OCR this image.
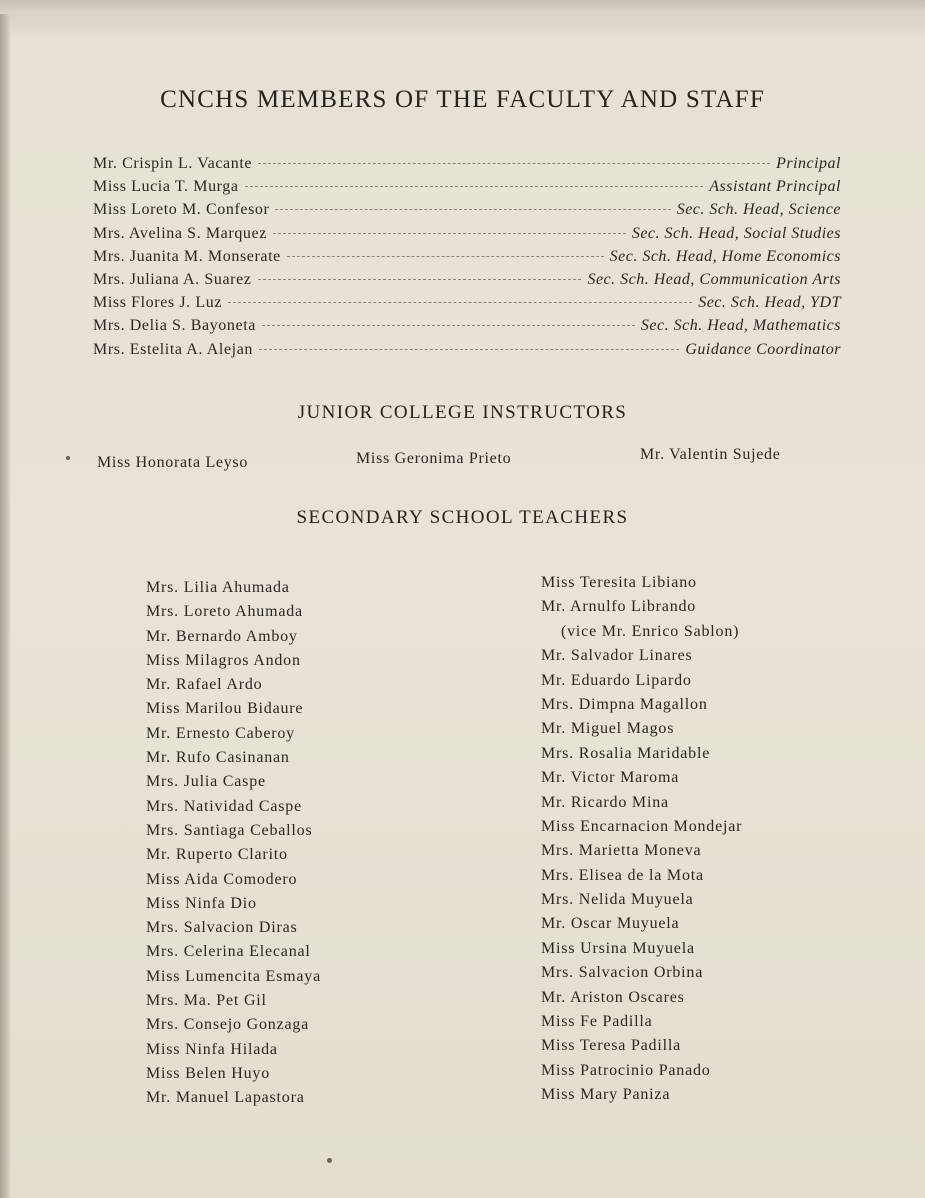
CNCHS MEMBERS OF THE FACULTY AND STAFF
Mr. Crispin L. Vacante	Principal
Miss Lucia T. Murga	Assistant Principal
Miss Loreto M. Confesor	Sec. Sch. Head, Science
Mrs. Avelina S. Marquez	Sec. Sch. Head, Social Studies
Mrs. Juanita M. Monserate	Sec. Sch. Head, Home Economics
Mrs. Juliana A. Suarez	Sec. Sch. Head, Communication Arts
Miss Flores J. Luz	Sec. Sch. Head, YDT
Mrs. Delia S. Bayoneta	Sec. Sch. Head, Mathematics
Mrs. Estelita A. Alejan	Guidance Coordinator
JUNIOR COLLEGE INSTRUCTORS
Miss Honorata Leyso	Miss Geronima Prieto	Mr. Valentin Sujede
SECONDARY SCHOOL TEACHERS
Mrs. Lilia Ahumada
Mrs. Loreto Ahumada
Mr. Bernardo Amboy
Miss Milagros Andon
Mr. Rafael Ardo
Miss Marilou Bidaure
Mr. Ernesto Caberoy
Mr. Rufo Casinanan
Mrs. Julia Caspe
Mrs. Natividad Caspe
Mrs. Santiaga Ceballos
Mr. Ruperto Clarito
Miss Aida Comodero
Miss Ninfa Dio
Mrs. Salvacion Diras
Mrs. Celerina Elecanal
Miss Lumencita Esmaya
Mrs. Ma. Pet Gil
Mrs. Consejo Gonzaga
Miss Ninfa Hilada
Miss Belen Huyo
Mr. Manuel Lapastora
Miss Teresita Libiano
Mr. Arnulfo Librando
(vice Mr. Enrico Sablon)
Mr. Salvador Linares
Mr. Eduardo Lipardo
Mrs. Dimpna Magallon
Mr. Miguel Magos
Mrs. Rosalia Maridable
Mr. Victor Maroma
Mr. Ricardo Mina
Miss Encarnacion Mondejar
Mrs. Marietta Moneva
Mrs. Elisea de la Mota
Mrs. Nelida Muyuela
Mr. Oscar Muyuela
Miss Ursina Muyuela
Mrs. Salvacion Orbina
Mr. Ariston Oscares
Miss Fe Padilla
Miss Teresa Padilla
Miss Patrocinio Panado
Miss Mary Paniza
